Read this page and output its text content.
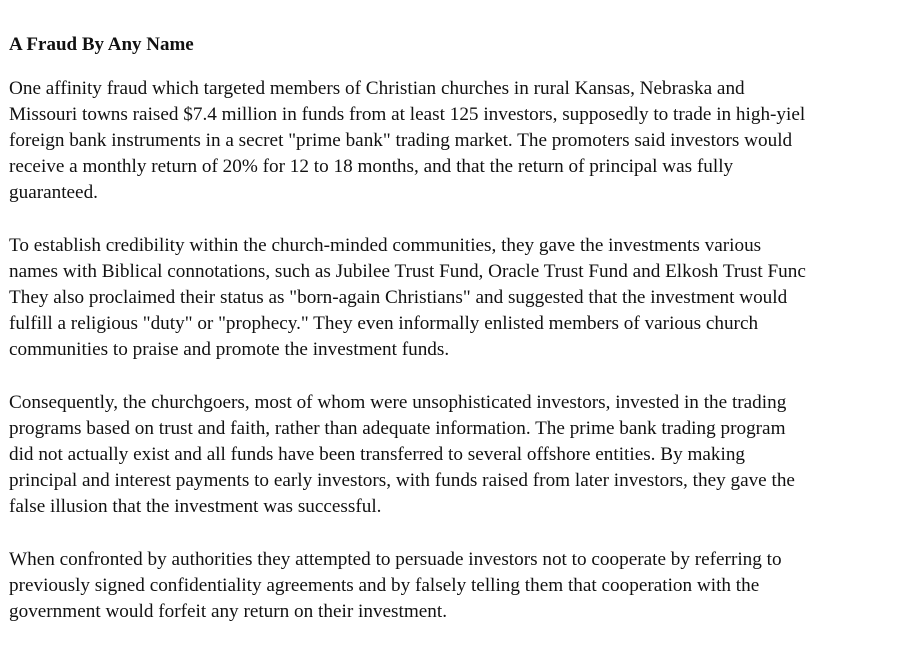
A Fraud By Any Name

One affinity fraud which targeted members of Christian churches in rural Kansas, Nebraska and
Missouri towns raised $7.4 million in funds from at least 125 investors, supposedly to trade in high-yiel
foreign bank instruments in a secret "prime bank" trading market. The promoters said investors would
receive a monthly return of 20% for 12 to 18 months, and that the return of principal was fully
guaranteed.

To establish credibility within the church-minded communities, they gave the investments various
names with Biblical connotations, such as Jubilee Trust Fund, Oracle Trust Fund and Elkosh Trust Func
They also proclaimed their status as "born-again Christians" and suggested that the investment would
fulfill a religious "duty" or "prophecy." They even informally enlisted members of various church
communities to praise and promote the investment funds.

Consequently, the churchgoers, most of whom were unsophisticated investors, invested in the trading
programs based on trust and faith, rather than adequate information. The prime bank trading program
did not actually exist and all funds have been transferred to several offshore entities. By making
principal and interest payments to early investors, with funds raised from later investors, they gave the
false illusion that the investment was successful.

When confronted by authorities they attempted to persuade investors not to cooperate by referring to
previously signed confidentiality agreements and by falsely telling them that cooperation with the
government would forfeit any return on their investment.
